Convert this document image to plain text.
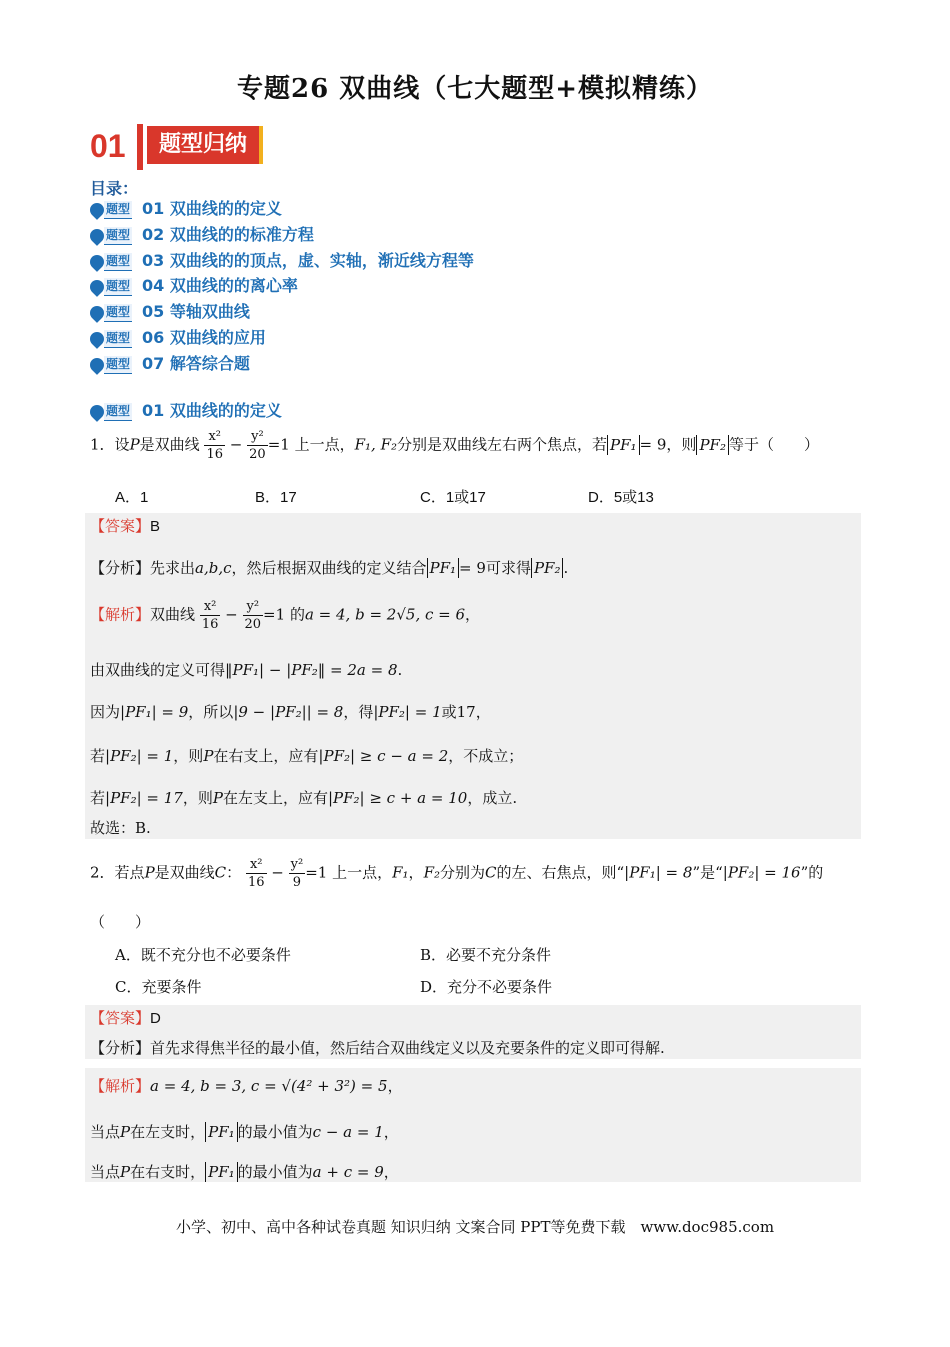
专题26 双曲线（七大题型+模拟精练）
01	题型归纳
目录：
题型 01 双曲线的的定义
题型 02 双曲线的的标准方程
题型 03 双曲线的的顶点，虚、实轴，渐近线方程等
题型 04 双曲线的的离心率
题型 05 等轴双曲线
题型 06 双曲线的应用
题型 07 解答综合题
题型 01 双曲线的的定义
1．设P是双曲线 $\frac{\text{x²}}{16} - \frac{\text{y²}}{20} =1$ 上一点，F₁, F₂分别是双曲线左右两个焦点，若 PF₁ = 9，则 PF₂ 等于（　　）
A．1	B．17	C．1或17	D．5或13
【答案】B
【分析】先求出a,b,c，然后根据双曲线的定义结合 PF₁ = 9可求得 PF₂ .
【解析】双曲线 $\frac{\text{x²}}{16} - \frac{\text{y²}}{20} =1$ 的a = 4, b = 2√5, c = 6，
由双曲线的定义可得‖PF₁| − |PF₂‖ = 2a = 8.
因为|PF₁| = 9，所以|9 − |PF₂|| = 8，得|PF₂| = 1或17，
若|PF₂| = 1，则P在右支上，应有|PF₂| ≥ c − a = 2，不成立；
若|PF₂| = 17，则P在左支上，应有|PF₂| ≥ c + a = 10，成立.
故选：B.
2．若点P是双曲线C： $\frac{\text{x²}}{16} - \frac{\text{y²}}{9} =1$ 上一点，F₁，F₂分别为C的左、右焦点，则“|PF₁| = 8”是“|PF₂| = 16”的
（　　）
A．既不充分也不必要条件	B．必要不充分条件
C．充要条件	D．充分不必要条件
【答案】D
【分析】首先求得焦半径的最小值，然后结合双曲线定义以及充要条件的定义即可得解.
【解析】a = 4, b = 3, c = √(4² + 3²) = 5，
当点P在左支时， PF₁ 的最小值为c − a = 1，
当点P在右支时， PF₁ 的最小值为a + c = 9，
小学、初中、高中各种试卷真题 知识归纳 文案合同 PPT等免费下载　www.doc985.com
